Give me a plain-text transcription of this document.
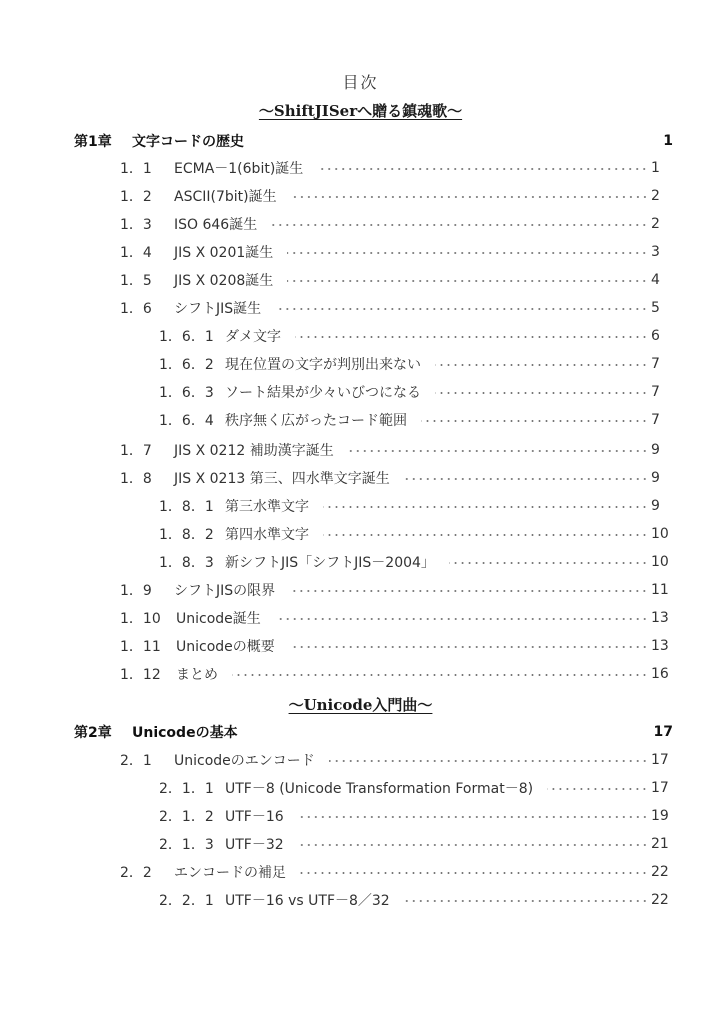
目次
～ShiftJISerへ贈る鎮魂歌～
～Unicode入門曲～
第1章	文字コードの歴史	1
1．1	ECMA－1(6bit)誕生	1
1．2	ASCII(7bit)誕生	2
1．3	ISO 646誕生	2
1．4	JIS X 0201誕生	3
1．5	JIS X 0208誕生	4
1．6	シフトJIS誕生	5
1．6．1 ダメ文字	6
1．6．2 現在位置の文字が判別出来ない	7
1．6．3 ソート結果が少々いびつになる	7
1．6．4 秩序無く広がったコード範囲	7
1．7	JIS X 0212 補助漢字誕生	9
1．8	JIS X 0213 第三、四水準文字誕生	9
1．8．1 第三水準文字	9
1．8．2 第四水準文字	10
1．8．3 新シフトJIS「シフトJIS－2004」	10
1．9	シフトJISの限界	11
1．10	Unicode誕生	13
1．11	Unicodeの概要	13
1．12	まとめ	16
第2章	Unicodeの基本	17
2．1	Unicodeのエンコード	17
2．1．1 UTF－8 (Unicode Transformation Format－8)	17
2．1．2 UTF－16	19
2．1．3 UTF－32	21
2．2	エンコードの補足	22
2．2．1 UTF－16 vs UTF－8／32	22
